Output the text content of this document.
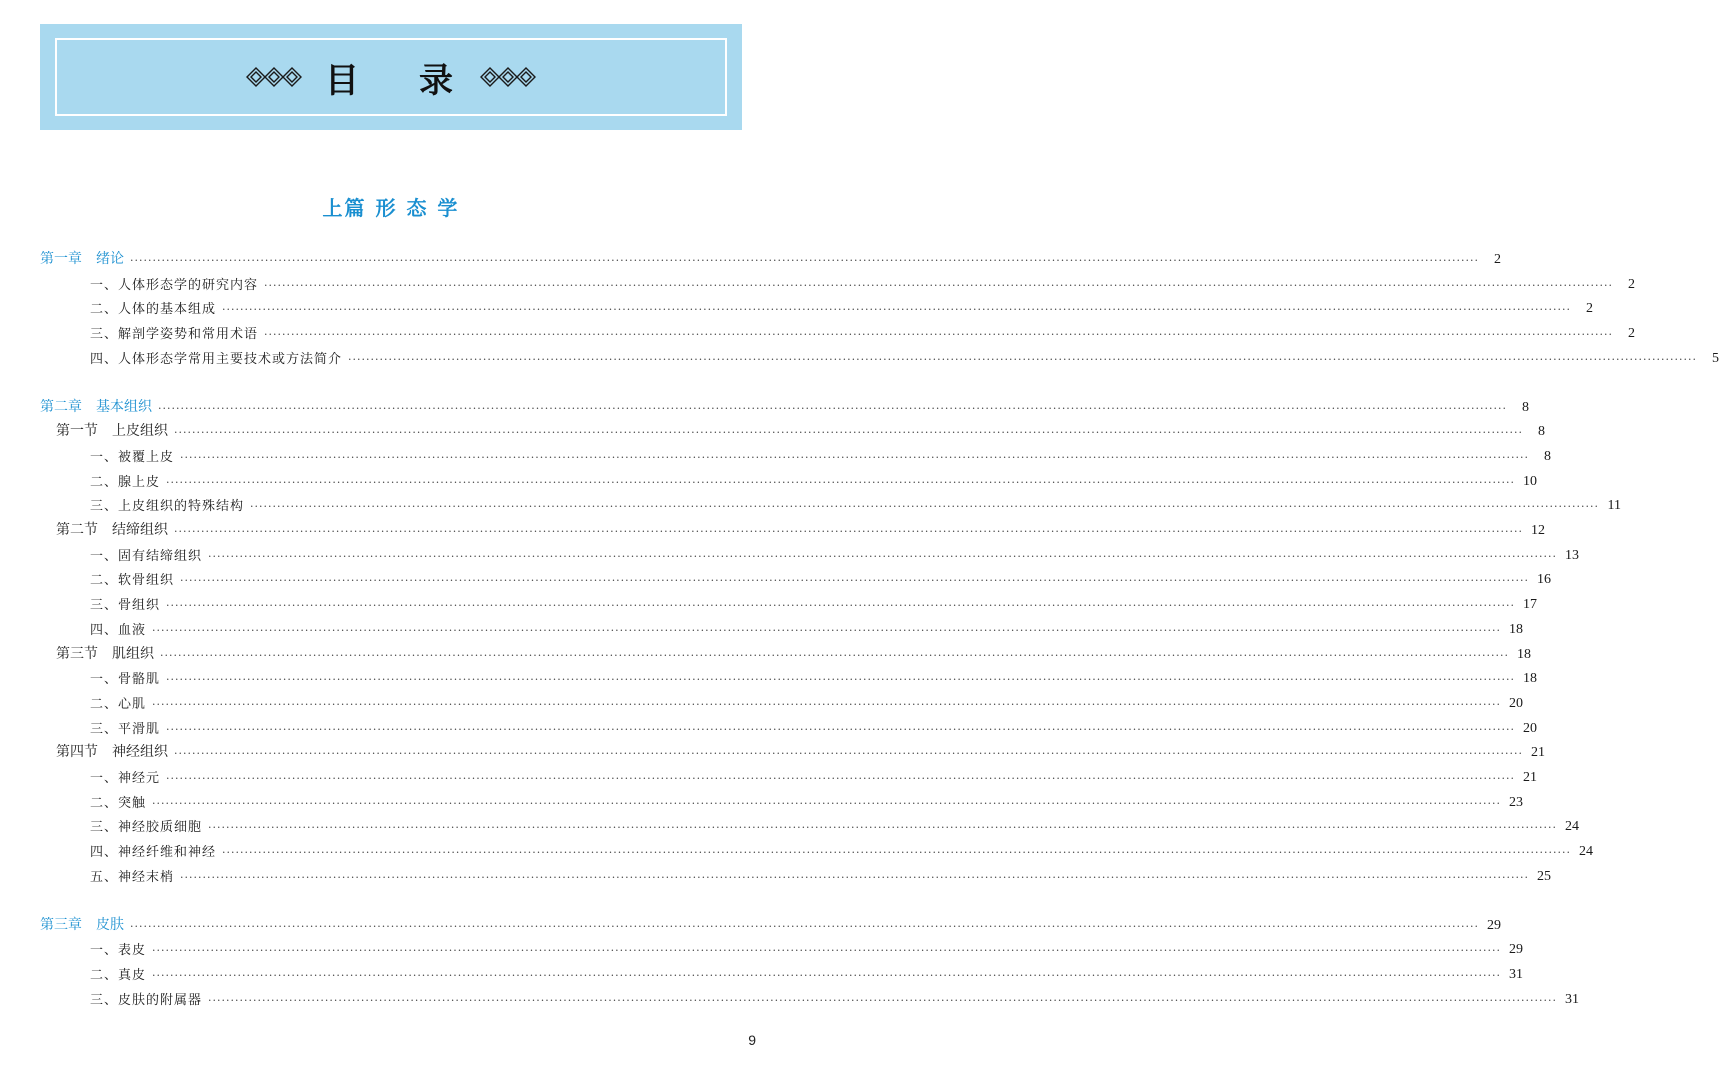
目 录
上篇 形 态 学
第一章　绪论 ············································································································································································································································································································	2
一、人体形态学的研究内容 ············································································································································································································································································································	2
二、人体的基本组成 ············································································································································································································································································································	2
三、解剖学姿势和常用术语 ············································································································································································································································································································	2
四、人体形态学常用主要技术或方法简介 ············································································································································································································································································································	5
第二章　基本组织 ············································································································································································································································································································	8
第一节　上皮组织 ············································································································································································································································································································	8
一、被覆上皮 ············································································································································································································································································································	8
二、腺上皮 ············································································································································································································································································································ 10
三、上皮组织的特殊结构 ············································································································································································································································································································ 11
第二节　结缔组织 ············································································································································································································································································································ 12
一、固有结缔组织 ············································································································································································································································································································ 13
二、软骨组织 ············································································································································································································································································································ 16
三、骨组织 ············································································································································································································································································································ 17
四、血液 ············································································································································································································································································································ 18
第三节　肌组织 ············································································································································································································································································································ 18
一、骨骼肌 ············································································································································································································································································································ 18
二、心肌 ············································································································································································································································································································ 20
三、平滑肌 ············································································································································································································································································································ 20
第四节　神经组织 ············································································································································································································································································································ 21
一、神经元 ············································································································································································································································································································ 21
二、突触 ············································································································································································································································································································ 23
三、神经胶质细胞 ············································································································································································································································································································ 24
四、神经纤维和神经 ············································································································································································································································································································ 24
五、神经末梢 ············································································································································································································································································································ 25
第三章　皮肤 ············································································································································································································································································································ 29
一、表皮 ············································································································································································································································································································ 29
二、真皮 ············································································································································································································································································································ 31
三、皮肤的附属器 ············································································································································································································································································································ 31
9
